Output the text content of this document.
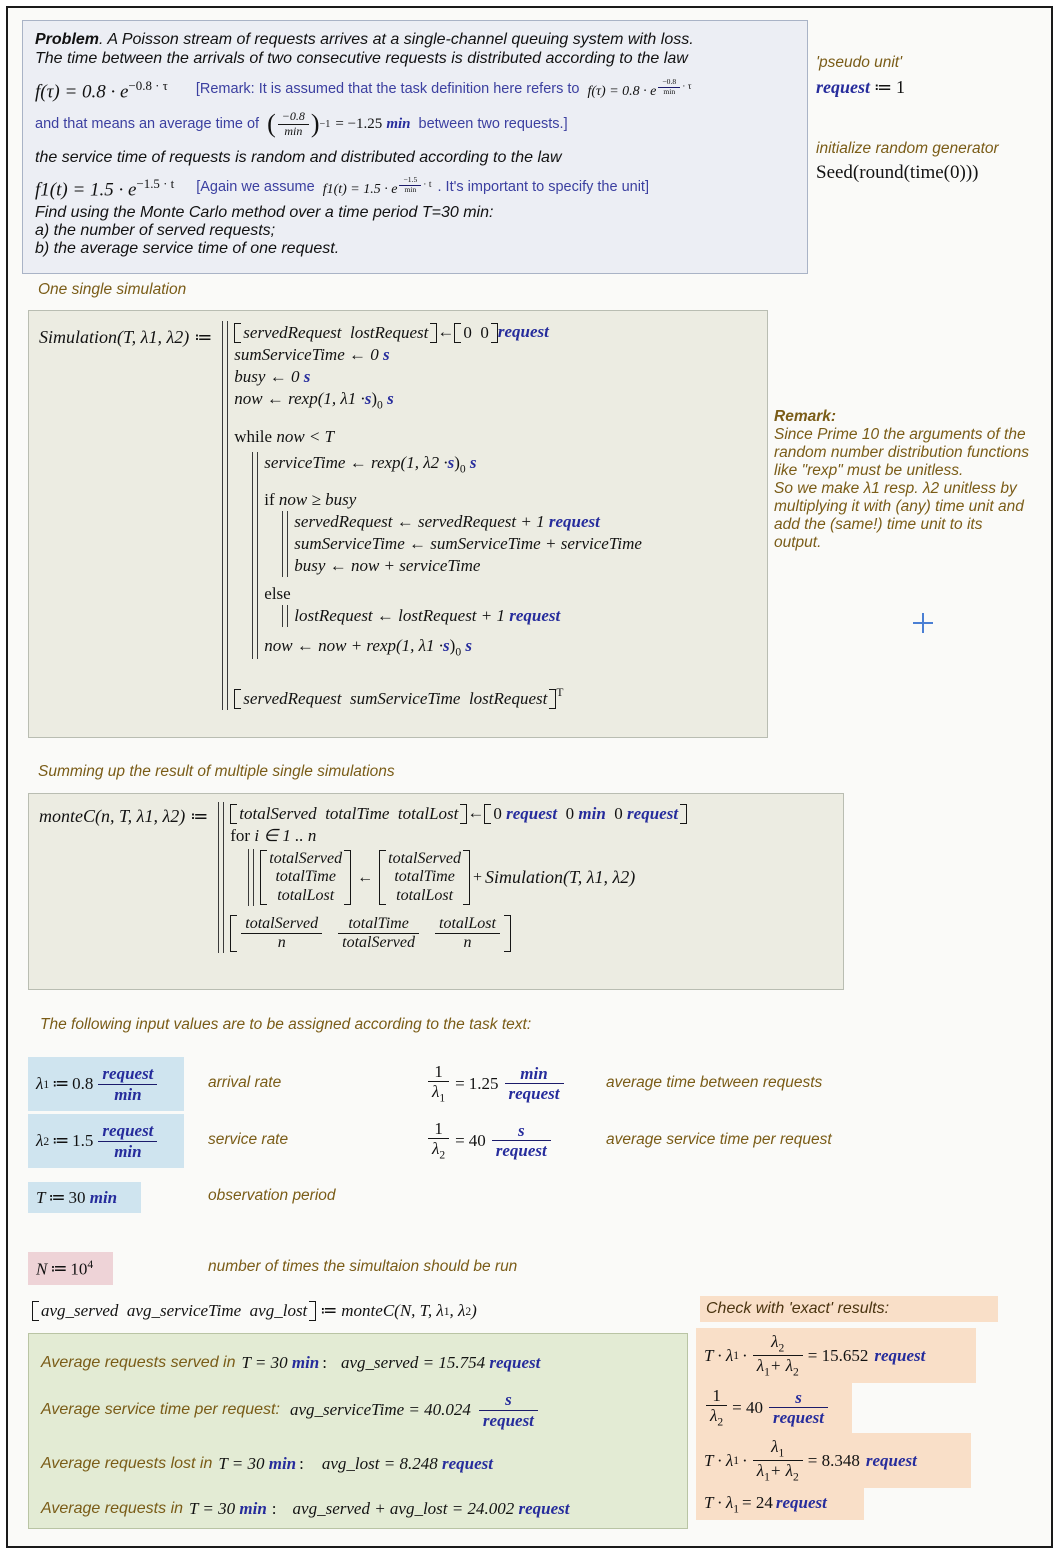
Problem. A Poisson stream of requests arrives at a single-channel queuing system with loss.
The time between the arrivals of two consecutive requests is distributed according to the law
$f(\tau) = 0.8 \cdot e^{-0.8 \cdot \tau}$ [Remark: It is assumed that the task definition here refers to f(τ) = 0.8 · e $^{\frac{-0.8}{\min} \cdot \tau}$
and that means an average time of ( $\frac{-0.8}{\min}$ ) −1 = −1.25 min between two requests.]
the service time of requests is random and distributed according to the law
$f1(t) = 1.5 \cdot e^{-1.5 \cdot t}$ [Again we assume f1(t) = 1.5 · e $^{\frac{-1.5}{\min} \cdot t}$ . It's important to specify the unit]
Find using the Monte Carlo method over a time period T=30 min:
a) the number of served requests;
b) the average service time of one request.
'pseudo unit'
request ≔ 1
initialize random generator
Seed(round(time(0)))
One single simulation
Simulation(T, λ1, λ2) ≔	servedRequest lostRequest ← 0 0 request
sumServiceTime ← 0 s
busy ← 0 s
now ← rexp(1, $\lambda 1 \cdot s)_0$ s
while now < T
serviceTime ← rexp(1, $\lambda 2 \cdot s)_0$ s
if now ≥ busy
servedRequest ← servedRequest + 1 request
sumServiceTime ← sumServiceTime + serviceTime
busy ← now + serviceTime
else
lostRequest ← lostRequest + 1 request
now ← now + rexp(1, $\lambda 1 \cdot s)_0$ s
servedRequest sumServiceTime lostRequest $^T$
Remark:
Since Prime 10 the arguments of the
random number distribution functions
like "rexp" must be unitless.
So we make λ1 resp. λ2 unitless by
multiplying it with (any) time unit and
add the (same!) time unit to its
output.
Summing up the result of multiple single simulations
monteC(n, T, λ1, λ2) ≔	totalServed totalTime totalLost ← 0 request 0 min 0 request
for i ∈ 1 .. n
totalServed
totalTime
totalLost
←
totalServed
totalTime
totalLost
+ Simulation(T, λ1, λ2)
$\frac{\text{totalServed}}{n}$
$\frac{\text{totalTime}}{\text{totalServed}}$
$\frac{\text{totalLost}}{n}$
The following input values are to be assigned according to the task text:
λ 1 ≔ $0.8 \frac{\text{request}}{\min}$	arrival rate	$\frac{1}{\lambda_1} = 1.25 \frac{\min}{\text{request}}$	average time between requests
λ 2 ≔ $1.5 \frac{\text{request}}{\min}$	service rate	$\frac{1}{\lambda_2} = 40 \frac{s}{\text{request}}$	average service time per request
T ≔ 30 min	observation period
N ≔ $10^4$	number of times the simultaion should be run
avg_served avg_serviceTime avg_lost ≔ monteC(N, T, λ 1 , λ 2 )
Average requests served in T = 30 min : avg_served = 15.754 request
Average service time per request: avg_serviceTime = $40.024 \frac{s}{\text{request}}$
Average requests lost in T = 30 min : avg_lost = 8.248 request
Average requests in T = 30 min : avg_served + avg_lost = 24.002 request
Check with 'exact' results:
T · λ $1 \cdot \frac{\lambda_2}{\lambda_1+ \lambda_2} = 15.652$ request
$\frac{1}{\lambda_2} = 40 \frac{s}{\text{request}}$
T · λ $1 \cdot \frac{\lambda_1}{\lambda_1+ \lambda_2} = 8.348$ request
$T \cdot \lambda_1 = 24$ request
